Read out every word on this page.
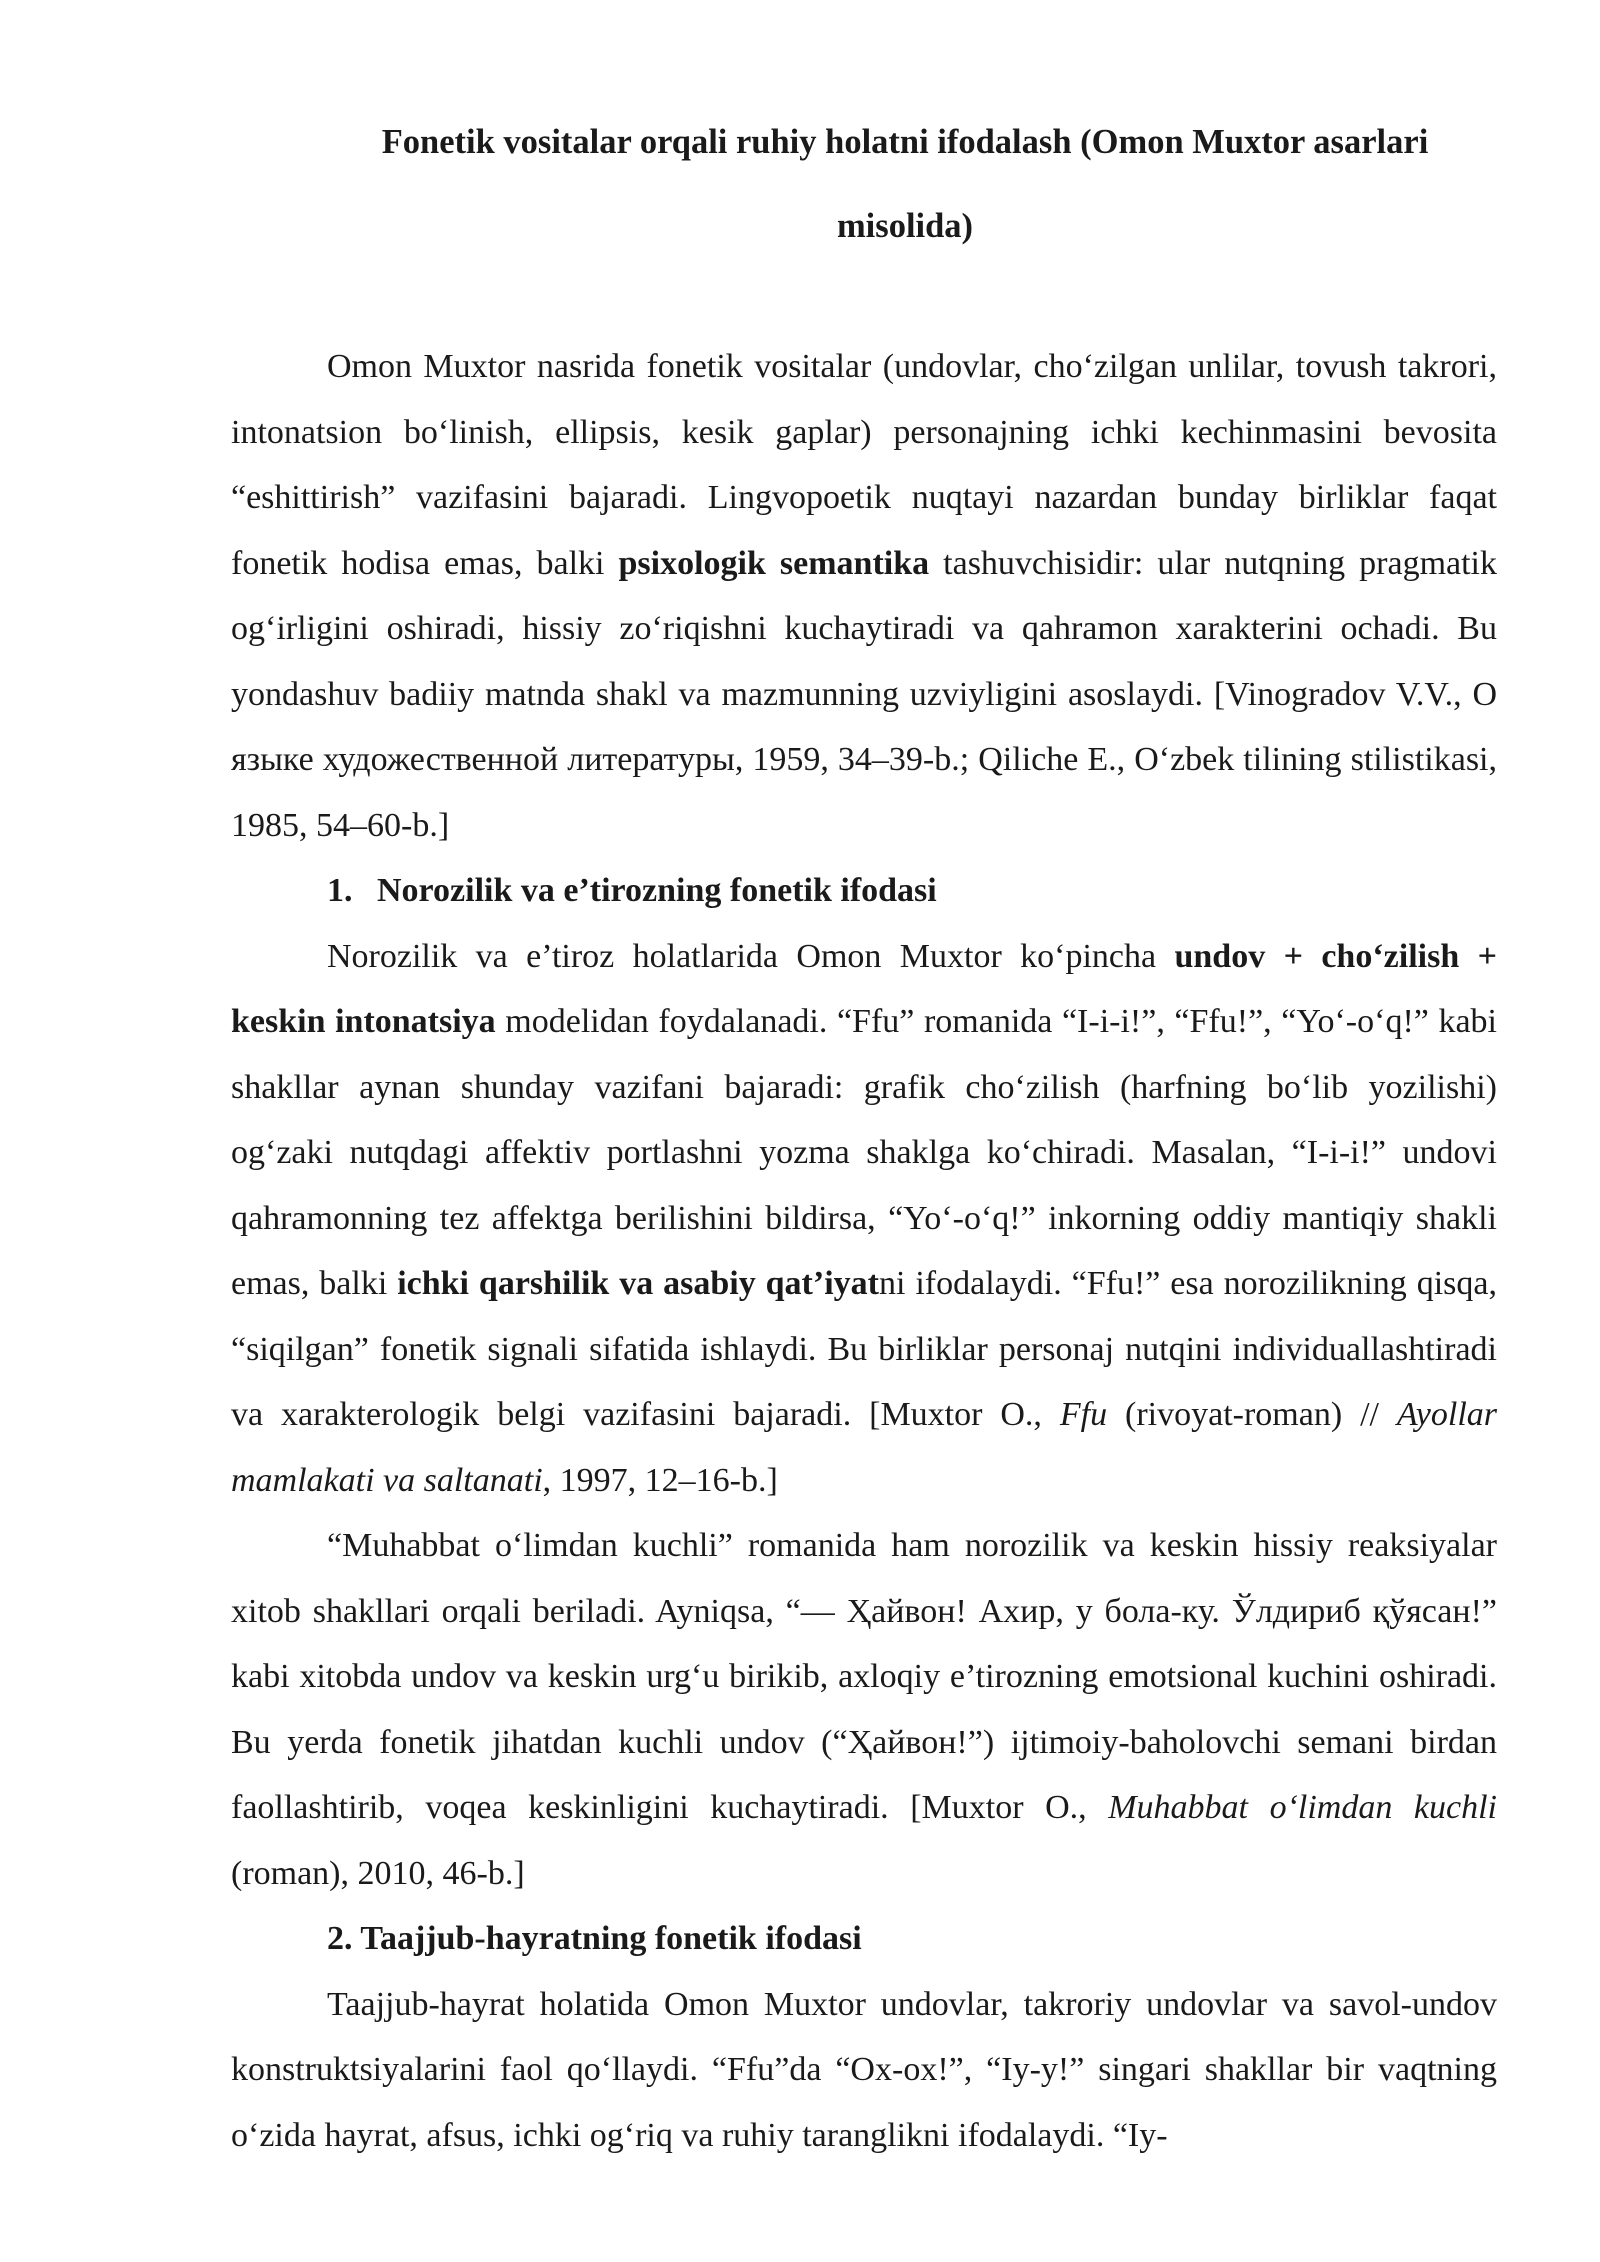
Fonetik vositalar orqali ruhiy holatni ifodalash (Omon Muxtor asarlari misolida)

Omon Muxtor nasrida fonetik vositalar (undovlar, cho‘zilgan unlilar, tovush takrori, intonatsion bo‘linish, ellipsis, kesik gaplar) personajning ichki kechinmasini bevosita “eshittirish” vazifasini bajaradi. Lingvopoetik nuqtayi nazardan bunday birliklar faqat fonetik hodisa emas, balki psixologik semantika tashuvchisidir: ular nutqning pragmatik og‘irligini oshiradi, hissiy zo‘riqishni kuchaytiradi va qahramon xarakterini ochadi. Bu yondashuv badiiy matnda shakl va mazmunning uzviyligini asoslaydi. [Vinogradov V.V., О языке художественной литературы, 1959, 34–39-b.; Qiliche E., O‘zbek tilining stilistikasi, 1985, 54–60-b.]

1. Norozilik va e’tirozning fonetik ifodasi

Norozilik va e’tiroz holatlarida Omon Muxtor ko‘pincha undov + cho‘zilish + keskin intonatsiya modelidan foydalanadi. “Ffu” romanida “I-i-i!”, “Ffu!”, “Yo‘-o‘q!” kabi shakllar aynan shunday vazifani bajaradi: grafik cho‘zilish (harfning bo‘lib yozilishi) og‘zaki nutqdagi affektiv portlashni yozma shaklga ko‘chiradi. Masalan, “I-i-i!” undovi qahramonning tez affektga berilishini bildirsa, “Yo‘-o‘q!” inkorning oddiy mantiqiy shakli emas, balki ichki qarshilik va asabiy qat’iyatni ifodalaydi. “Ffu!” esa norozilikning qisqa, “siqilgan” fonetik signali sifatida ishlaydi. Bu birliklar personaj nutqini individuallashtiradi va xarakterologik belgi vazifasini bajaradi. [Muxtor O., Ffu (rivoyat-roman) // Ayollar mamlakati va saltanati, 1997, 12–16-b.]

“Muhabbat o‘limdan kuchli” romanida ham norozilik va keskin hissiy reaksiyalar xitob shakllari orqali beriladi. Ayniqsa, “— Ҳайвон! Ахир, у бола-ку. Ўлдириб қўясан!” kabi xitobda undov va keskin urg‘u birikib, axloqiy e’tirozning emotsional kuchini oshiradi. Bu yerda fonetik jihatdan kuchli undov (“Ҳайвон!”) ijtimoiy-baholovchi semani birdan faollashtirib, voqea keskinligini kuchaytiradi. [Muxtor O., Muhabbat o‘limdan kuchli (roman), 2010, 46-b.]

2. Taajjub-hayratning fonetik ifodasi

Taajjub-hayrat holatida Omon Muxtor undovlar, takroriy undovlar va savol-undov konstruktsiyalarini faol qo‘llaydi. “Ffu”da “Ox-ox!”, “Iy-y!” singari shakllar bir vaqtning o‘zida hayrat, afsus, ichki og‘riq va ruhiy taranglikni ifodalaydi. “Iy-
